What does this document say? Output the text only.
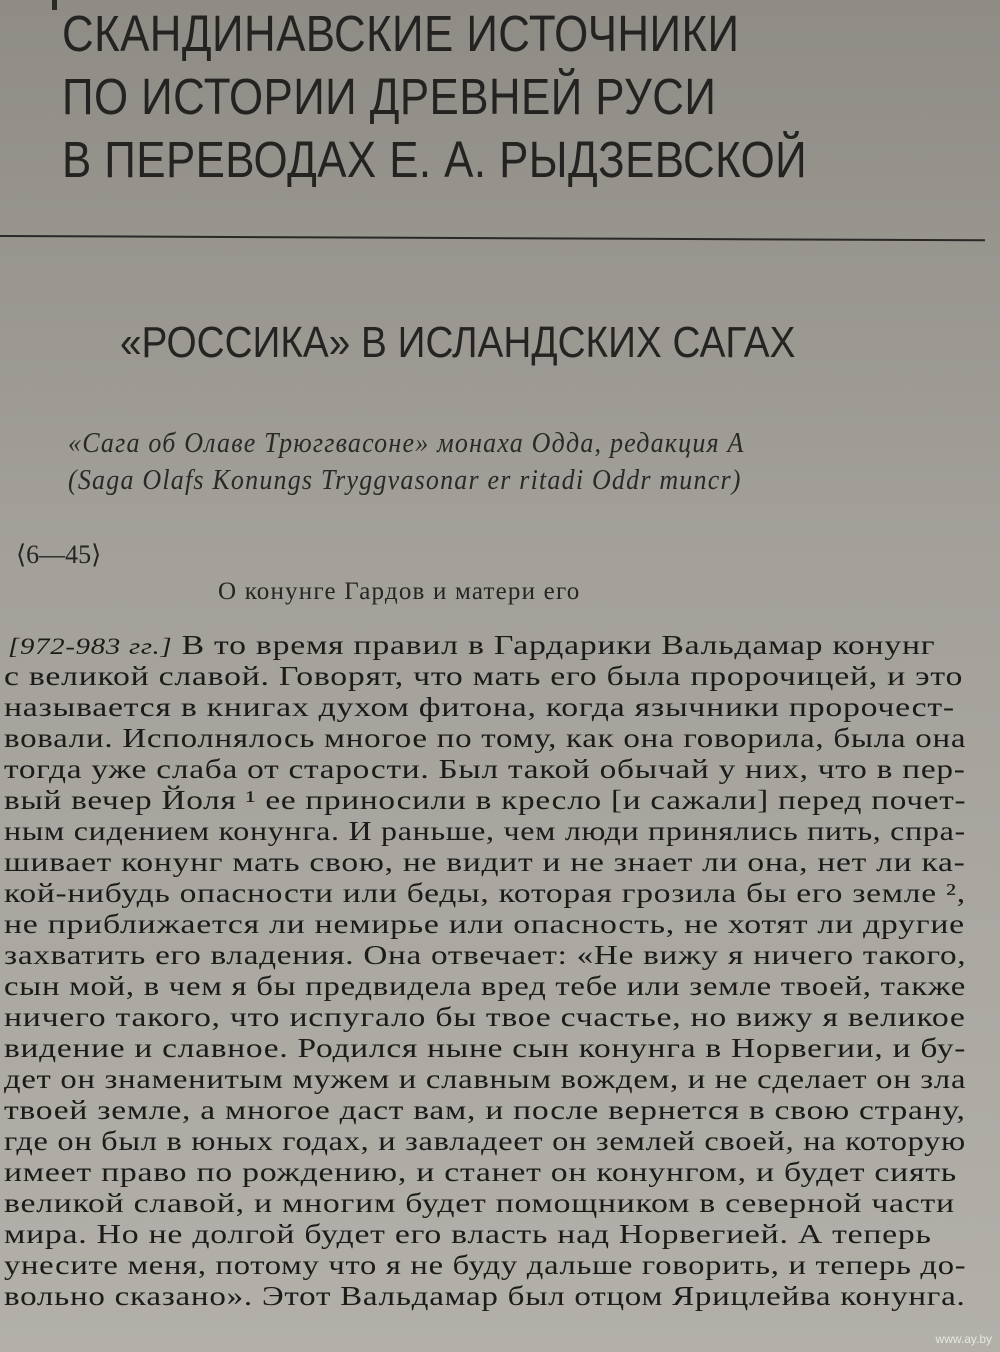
СКАНДИНАВСКИЕ ИСТОЧНИКИ
ПО ИСТОРИИ ДРЕВНЕЙ РУСИ
В ПЕРЕВОДАХ Е. А. РЫДЗЕВСКОЙ
«РОССИКА» В ИСЛАНДСКИХ САГАХ
«Сага об Олаве Трюггвасоне» монаха Одда, редакция А
(Saga Olafs Konungs Tryggvasonar er ritadi Oddr muncr)
⟨6—45⟩
О конунге Гардов и матери его
[972-983 гг.] В то время правил в Гардарики Вальдамар конунг
с великой славой. Говорят, что мать его была пророчицей, и это
называется в книгах духом фитона, когда язычники пророчест-
вовали. Исполнялось многое по тому, как она говорила, была она
тогда уже слаба от старости. Был такой обычай у них, что в пер-
вый вечер Йоля ¹ ее приносили в кресло [и сажали] перед почет-
ным сидением конунга. И раньше, чем люди принялись пить, спра-
шивает конунг мать свою, не видит и не знает ли она, нет ли ка-
кой-нибудь опасности или беды, которая грозила бы его земле ²,
не приближается ли немирье или опасность, не хотят ли другие
захватить его владения. Она отвечает: «Не вижу я ничего такого,
сын мой, в чем я бы предвидела вред тебе или земле твоей, также
ничего такого, что испугало бы твое счастье, но вижу я великое
видение и славное. Родился ныне сын конунга в Норвегии, и бу-
дет он знаменитым мужем и славным вождем, и не сделает он зла
твоей земле, а многое даст вам, и после вернется в свою страну,
где он был в юных годах, и завладеет он землей своей, на которую
имеет право по рождению, и станет он конунгом, и будет сиять
великой славой, и многим будет помощником в северной части
мира. Но не долгой будет его власть над Норвегией. А теперь
унесите меня, потому что я не буду дальше говорить, и теперь до-
вольно сказано». Этот Вальдамар был отцом Ярицлейва конунга.
www.ay.by
